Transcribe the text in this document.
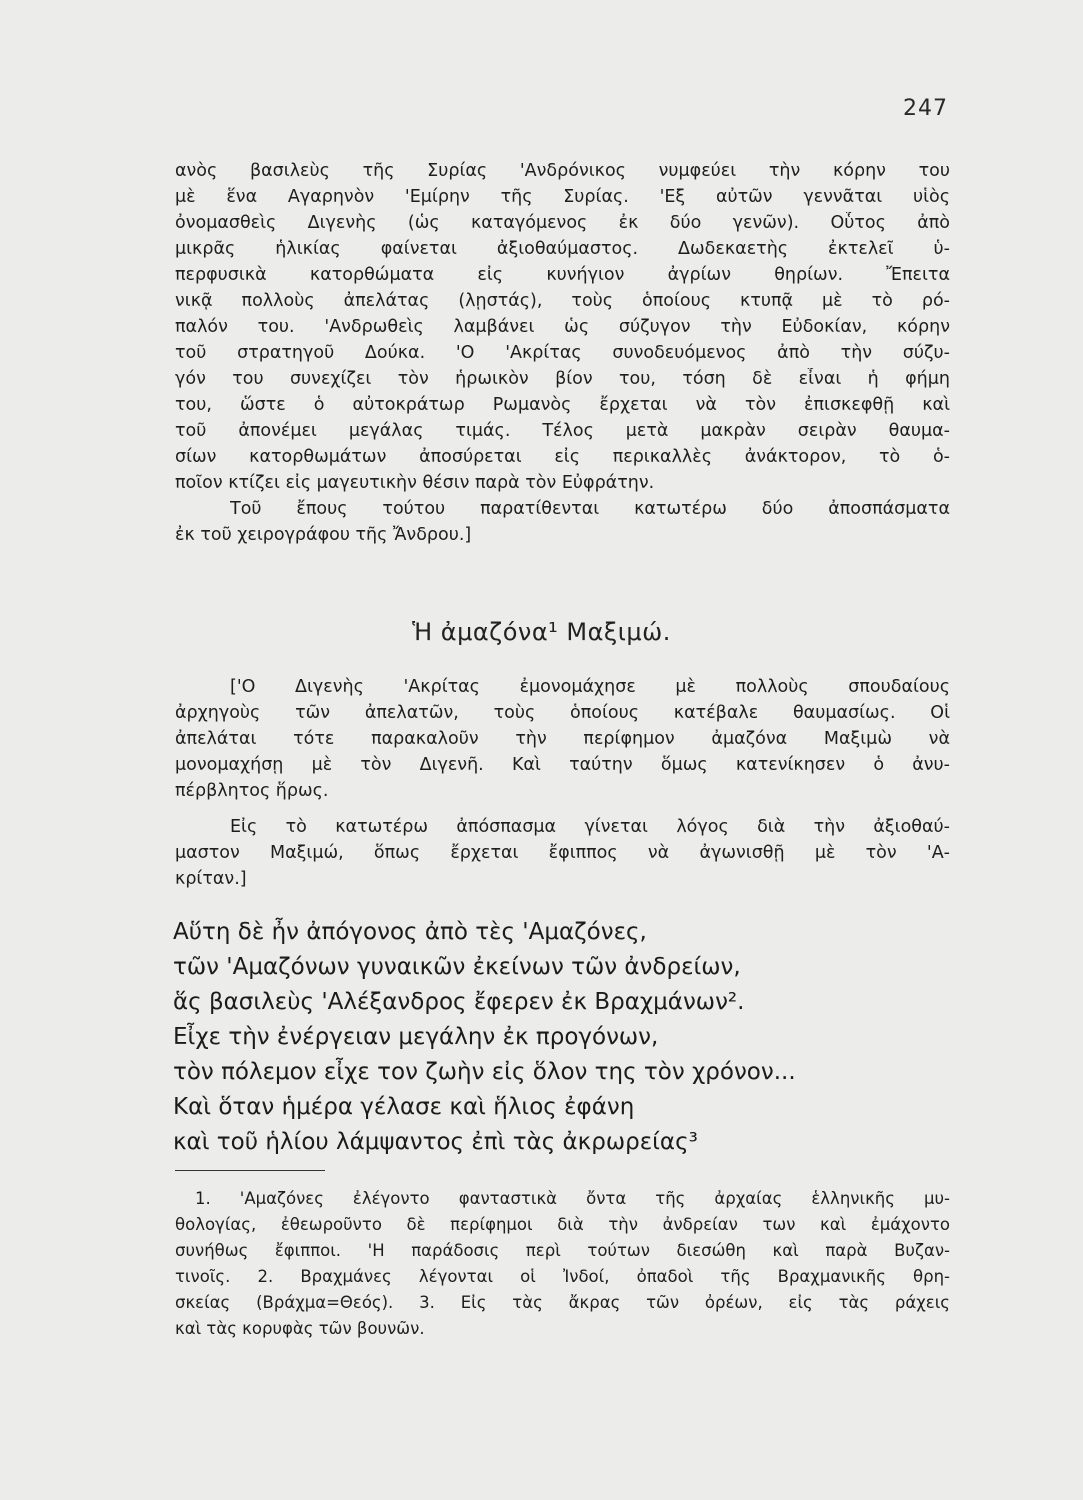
247
ανὸς βασιλεὺς τῆς Συρίας 'Ανδρόνικος νυμφεύει τὴν κόρην του
μὲ ἕνα Αγαρηνὸν 'Εμίρην τῆς Συρίας. 'Εξ αὐτῶν γεννᾶται υἱὸς
ὀνομασθεὶς Διγενὴς (ὡς καταγόμενος ἐκ δύο γενῶν). Οὗτος ἀπὸ
μικρᾶς ἡλικίας φαίνεται ἀξιοθαύμαστος. Δωδεκαετὴς ἐκτελεῖ ὑ-
περφυσικὰ κατορθώματα εἰς κυνήγιον ἀγρίων θηρίων. Ἔπειτα
νικᾷ πολλοὺς ἀπελάτας (λῃστάς), τοὺς ὁποίους κτυπᾷ μὲ τὸ ρό-
παλόν του. 'Ανδρωθεὶς λαμβάνει ὡς σύζυγον τὴν Εὐδοκίαν, κόρην
τοῦ στρατηγοῦ Δούκα. 'Ο 'Ακρίτας συνοδευόμενος ἀπὸ τὴν σύζυ-
γόν του συνεχίζει τὸν ἡρωικὸν βίον του, τόση δὲ εἶναι ἡ φήμη
του, ὥστε ὁ αὐτοκράτωρ Ρωμανὸς ἔρχεται νὰ τὸν ἐπισκεφθῇ καὶ
τοῦ ἀπονέμει μεγάλας τιμάς. Τέλος μετὰ μακρὰν σειρὰν θαυμα-
σίων κατορθωμάτων ἀποσύρεται εἰς περικαλλὲς ἀνάκτορον, τὸ ὁ-
ποῖον κτίζει εἰς μαγευτικὴν θέσιν παρὰ τὸν Εὐφράτην.
Τοῦ ἔπους τούτου παρατίθενται κατωτέρω δύο ἀποσπάσματα
ἐκ τοῦ χειρογράφου τῆς Ἄνδρου.]
Ἡ ἀμαζόνα¹ Μαξιμώ.
['Ο Διγενὴς 'Ακρίτας ἐμονομάχησε μὲ πολλοὺς σπουδαίους
ἀρχηγοὺς τῶν ἀπελατῶν, τοὺς ὁποίους κατέβαλε θαυμασίως. Οἱ
ἀπελάται τότε παρακαλοῦν τὴν περίφημον ἀμαζόνα Μαξιμὼ νὰ
μονομαχήσῃ μὲ τὸν Διγενῆ. Καὶ ταύτην ὅμως κατενίκησεν ὁ ἀνυ-
πέρβλητος ἥρως.
Εἰς τὸ κατωτέρω ἀπόσπασμα γίνεται λόγος διὰ τὴν ἀξιοθαύ-
μαστον Μαξιμώ, ὅπως ἔρχεται ἔφιππος νὰ ἀγωνισθῇ μὲ τὸν 'Α-
κρίταν.]
Αὕτη δὲ ἦν ἀπόγονος ἀπὸ τὲς 'Αμαζόνες,
τῶν 'Αμαζόνων γυναικῶν ἐκείνων τῶν ἀνδρείων,
ἅς βασιλεὺς 'Αλέξανδρος ἔφερεν ἐκ Βραχμάνων².
Εἶχε τὴν ἐνέργειαν μεγάλην ἐκ προγόνων,
τὸν πόλεμον εἶχε τον ζωὴν εἰς ὅλον της τὸν χρόνον...
Καὶ ὅταν ἡμέρα γέλασε καὶ ἥλιος ἐφάνη
καὶ τοῦ ἡλίου λάμψαντος ἐπὶ τὰς ἀκρωρείας³
1. 'Αμαζόνες ἐλέγοντο φανταστικὰ ὄντα τῆς ἀρχαίας ἑλληνικῆς μυ-
θολογίας, ἐθεωροῦντο δὲ περίφημοι διὰ τὴν ἀνδρείαν των καὶ ἐμάχοντο
συνήθως ἔφιπποι. 'Η παράδοσις περὶ τούτων διεσώθη καὶ παρὰ Βυζαν-
τινοῖς. 2. Βραχμάνες λέγονται οἱ Ἰνδοί, ὀπαδοὶ τῆς Βραχμανικῆς θρη-
σκείας (Βράχμα=Θεός). 3. Εἰς τὰς ἄκρας τῶν ὀρέων, εἰς τὰς ράχεις
καὶ τὰς κορυφὰς τῶν βουνῶν.
